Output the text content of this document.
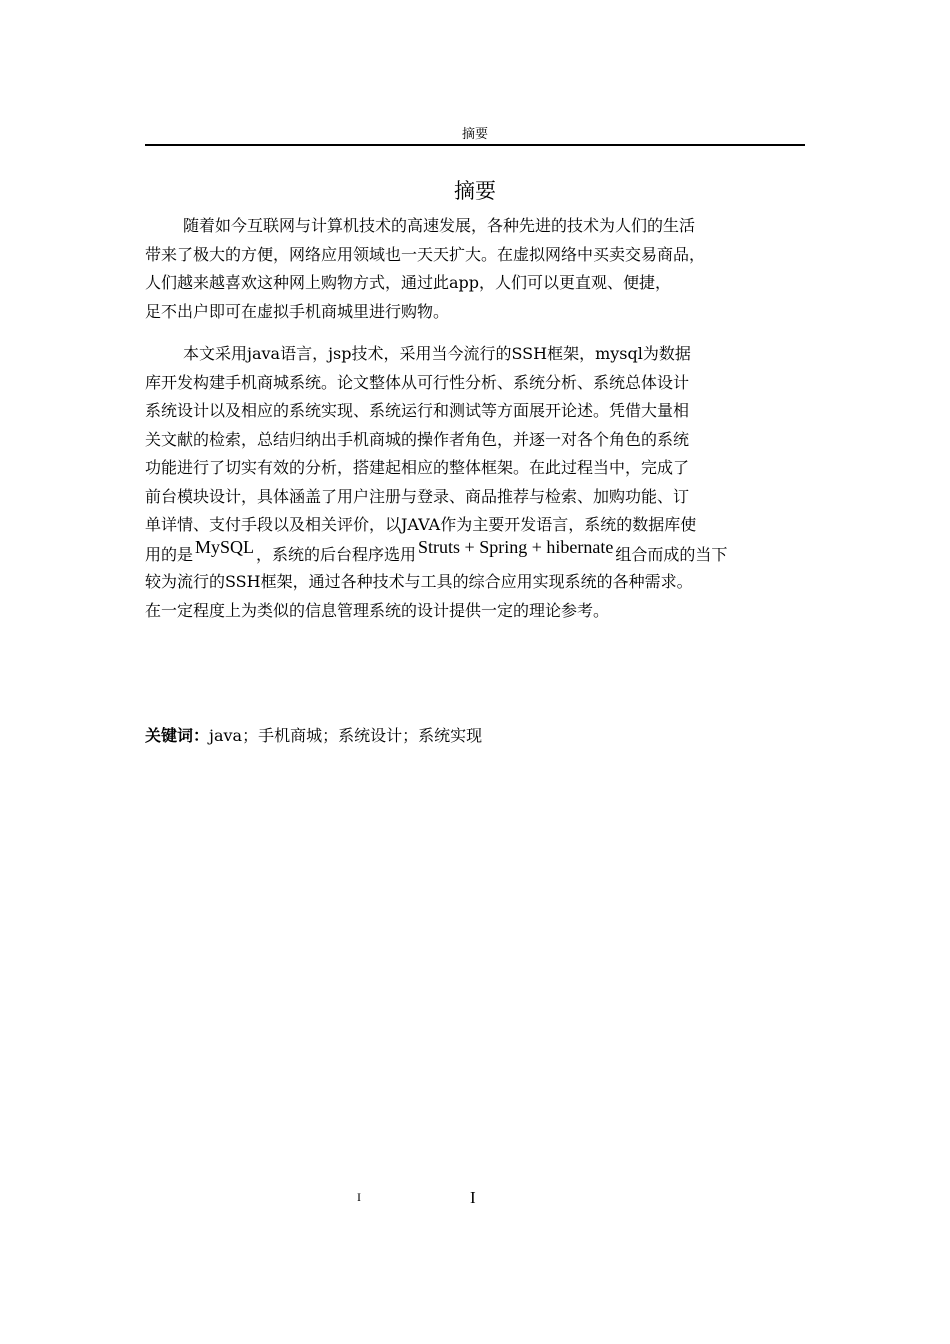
摘要
摘要
随着如今互联网与计算机技术的高速发展，各种先进的技术为人们的生活
带来了极大的方便，网络应用领域也一天天扩大。在虚拟网络中买卖交易商品，
人们越来越喜欢这种网上购物方式，通过此app，人们可以更直观、便捷，
足不出户即可在虚拟手机商城里进行购物。
本文采用java语言，jsp技术，采用当今流行的SSH框架，mysql为数据
库开发构建手机商城系统。论文整体从可行性分析、系统分析、系统总体设计
系统设计以及相应的系统实现、系统运行和测试等方面展开论述。凭借大量相
关文献的检索，总结归纳出手机商城的操作者角色，并逐一对各个角色的系统
功能进行了切实有效的分析，搭建起相应的整体框架。在此过程当中，完成了
前台模块设计，具体涵盖了用户注册与登录、商品推荐与检索、加购功能、订
单详情、支付手段以及相关评价，以JAVA作为主要开发语言，系统的数据库使
用的是 MySQL ，系统的后台程序选用 Struts + Spring + hibernate 组合而成的当下
较为流行的SSH框架，通过各种技术与工具的综合应用实现系统的各种需求。
在一定程度上为类似的信息管理系统的设计提供一定的理论参考。
关键词：java；手机商城；系统设计；系统实现
I	I
